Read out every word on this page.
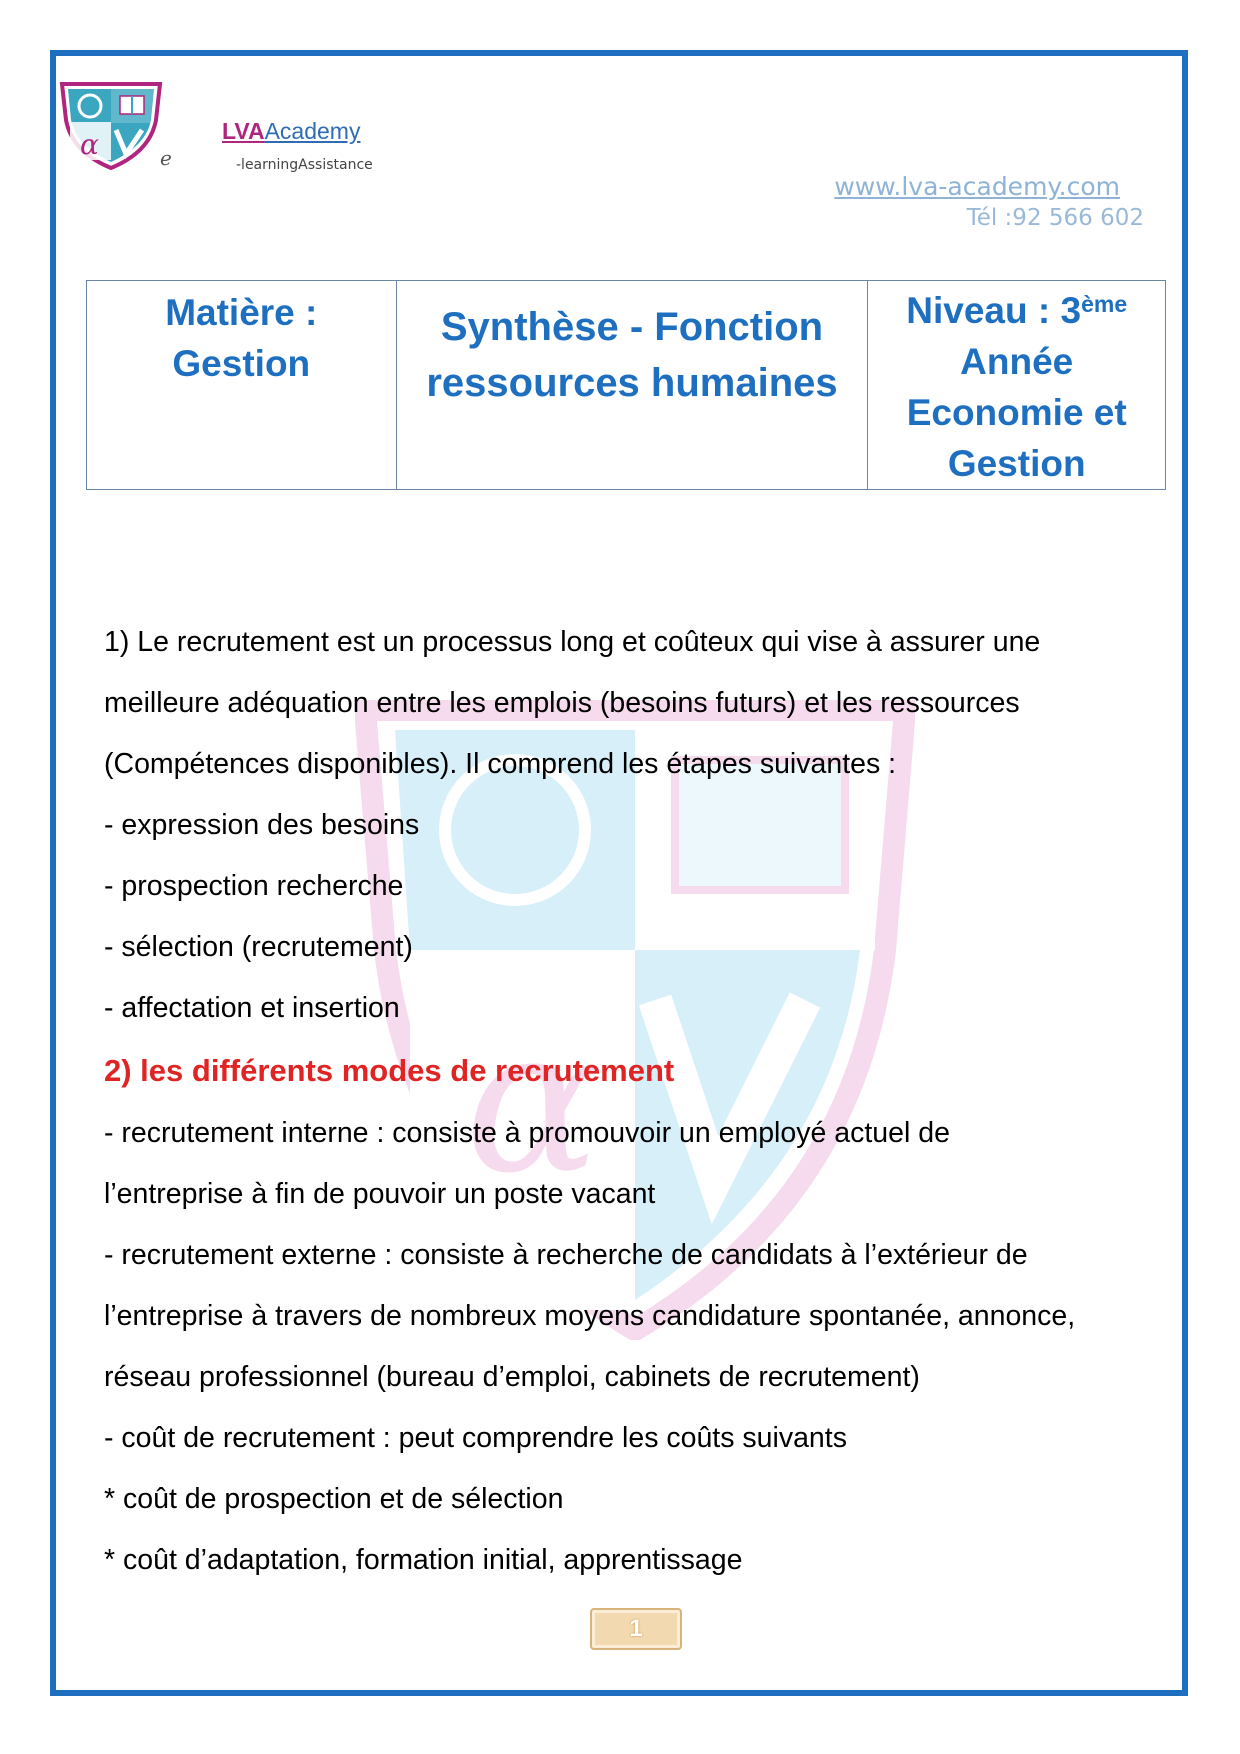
α	e
LVAAcademy
-learningAssistance
www.lva-academy.com
Tél :92 566 602
Matière :
Gestion

Synthèse - Fonction
ressources humaines

Niveau : 3ème
Année
Economie et
Gestion
α

1) Le recrutement est un processus long et coûteux qui vise à assurer une

meilleure adéquation entre les emplois (besoins futurs) et les ressources

(Compétences disponibles). Il comprend les étapes suivantes :

- expression des besoins

- prospection recherche

- sélection (recrutement)

- affectation et insertion

2) les différents modes de recrutement

- recrutement interne : consiste à promouvoir un employé actuel de

l’entreprise à fin de pouvoir un poste vacant

- recrutement externe : consiste à recherche de candidats à l’extérieur de

l’entreprise à travers de nombreux moyens candidature spontanée, annonce,

réseau professionnel (bureau d’emploi, cabinets de recrutement)

- coût de recrutement : peut comprendre les coûts suivants

* coût de prospection et de sélection

* coût d’adaptation, formation initial, apprentissage

1
